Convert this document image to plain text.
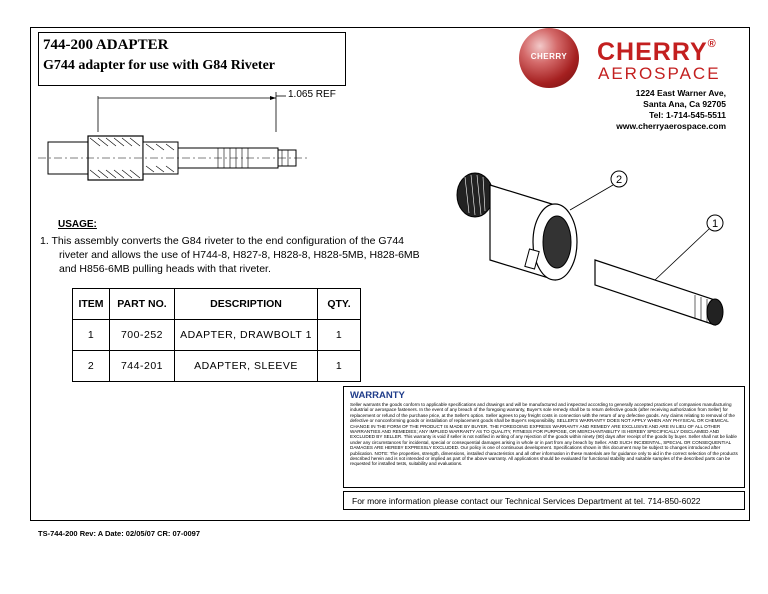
744-200 ADAPTER
G744 adapter for use with G84 Riveter
CHERRY	CHERRY®
AEROSPACE
1224 East Warner Ave,
Santa Ana, Ca 92705
Tel: 1-714-545-5511
www.cherryaerospace.com
1.065 REF
2
1
USAGE:
1. This assembly converts the G84 riveter to the end configuration of the G744
riveter and allows the use of H744-8, H827-8, H828-8, H828-5MB, H828-6MB
and H856-6MB pulling heads with that riveter.
ITEM	PART NO.	DESCRIPTION	QTY.
1	700-252	ADAPTER, DRAWBOLT 1	1
2	744-201	ADAPTER, SLEEVE	1
WARRANTY
Seller warrants the goods conform to applicable specifications and drawings and will be manufactured and inspected according to generally accepted practices of companies manufacturing industrial or aerospace fasteners. In the event of any breach of the foregoing warranty, Buyer's sole remedy shall be to return defective goods (after receiving authorization from Seller) for replacement or refund of the purchase price, at the Seller's option. Seller agrees to pay freight costs in connection with the return of any defective goods. Any claims relating to removal of the defective or nonconforming goods or installation of replacement goods shall be Buyer's responsibility. SELLER'S WARRANTY DOES NOT APPLY WHEN ANY PHYSICAL OR CHEMICAL CHANGE IN THE FORM OF THE PRODUCT IS MADE BY BUYER. THE FOREGOING EXPRESS WARRANTY AND REMEDY ARE EXCLUSIVE AND ARE IN LIEU OF ALL OTHER WARRANTIES AND REMEDIES; ANY IMPLIED WARRANTY AS TO QUALITY, FITNESS FOR PURPOSE, OR MERCHANTABILITY IS HEREBY SPECIFICALLY DISCLAIMED AND EXCLUDED BY SELLER. This warranty is void if seller is not notified in writing of any rejection of the goods within ninety (90) days after receipt of the goods by buyer. Seller shall not be liable under any circumstances for incidental, special or consequential damages arising in whole or in part from any breach by Seller. AND SUCH INCIDENTAL, SPECIAL OR CONSEQUENTIAL DAMAGES ARE HEREBY EXPRESSLY EXCLUDED. Our policy is one of continuous development. Specifications shown in this document may be subject to changes introduced after publication. NOTE: The properties, strength, dimensions, installed characteristics and all other information in these materials are for guidance only to aid in the correct selection of the products described herein and is not intended or implied as part of the above warranty. All applications should be evaluated for functional stability and suitable samples of the described parts can be requested for installed tests, suitability and evaluations.
For more information please contact our Technical Services Department at tel. 714-850-6022
TS-744-200 Rev: A Date: 02/05/07 CR: 07-0097
